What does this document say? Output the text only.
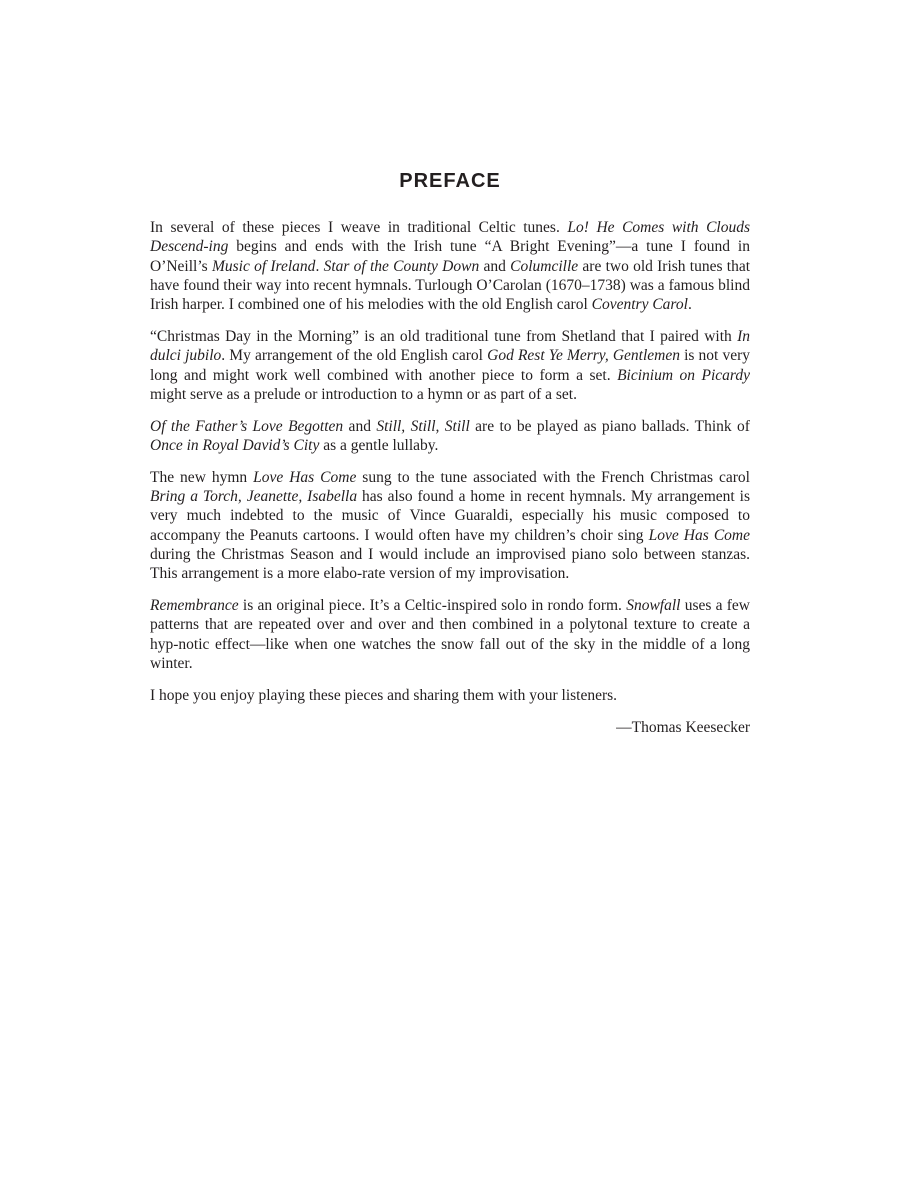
PREFACE

In several of these pieces I weave in traditional Celtic tunes. Lo! He Comes with Clouds Descend-ing begins and ends with the Irish tune “A Bright Evening”—a tune I found in O’Neill’s Music of Ireland. Star of the County Down and Columcille are two old Irish tunes that have found their way into recent hymnals. Turlough O’Carolan (1670–1738) was a famous blind Irish harper. I combined one of his melodies with the old English carol Coventry Carol.

“Christmas Day in the Morning” is an old traditional tune from Shetland that I paired with In dulci jubilo. My arrangement of the old English carol God Rest Ye Merry, Gentlemen is not very long and might work well combined with another piece to form a set. Bicinium on Picardy might serve as a prelude or introduction to a hymn or as part of a set.

Of the Father’s Love Begotten and Still, Still, Still are to be played as piano ballads. Think of Once in Royal David’s City as a gentle lullaby.

The new hymn Love Has Come sung to the tune associated with the French Christmas carol Bring a Torch, Jeanette, Isabella has also found a home in recent hymnals. My arrangement is very much indebted to the music of Vince Guaraldi, especially his music composed to accompany the Peanuts cartoons. I would often have my children’s choir sing Love Has Come during the Christmas Season and I would include an improvised piano solo between stanzas. This arrangement is a more elabo-rate version of my improvisation.

Remembrance is an original piece. It’s a Celtic-inspired solo in rondo form. Snowfall uses a few patterns that are repeated over and over and then combined in a polytonal texture to create a hyp-notic effect—like when one watches the snow fall out of the sky in the middle of a long winter.

I hope you enjoy playing these pieces and sharing them with your listeners.

—Thomas Keesecker
